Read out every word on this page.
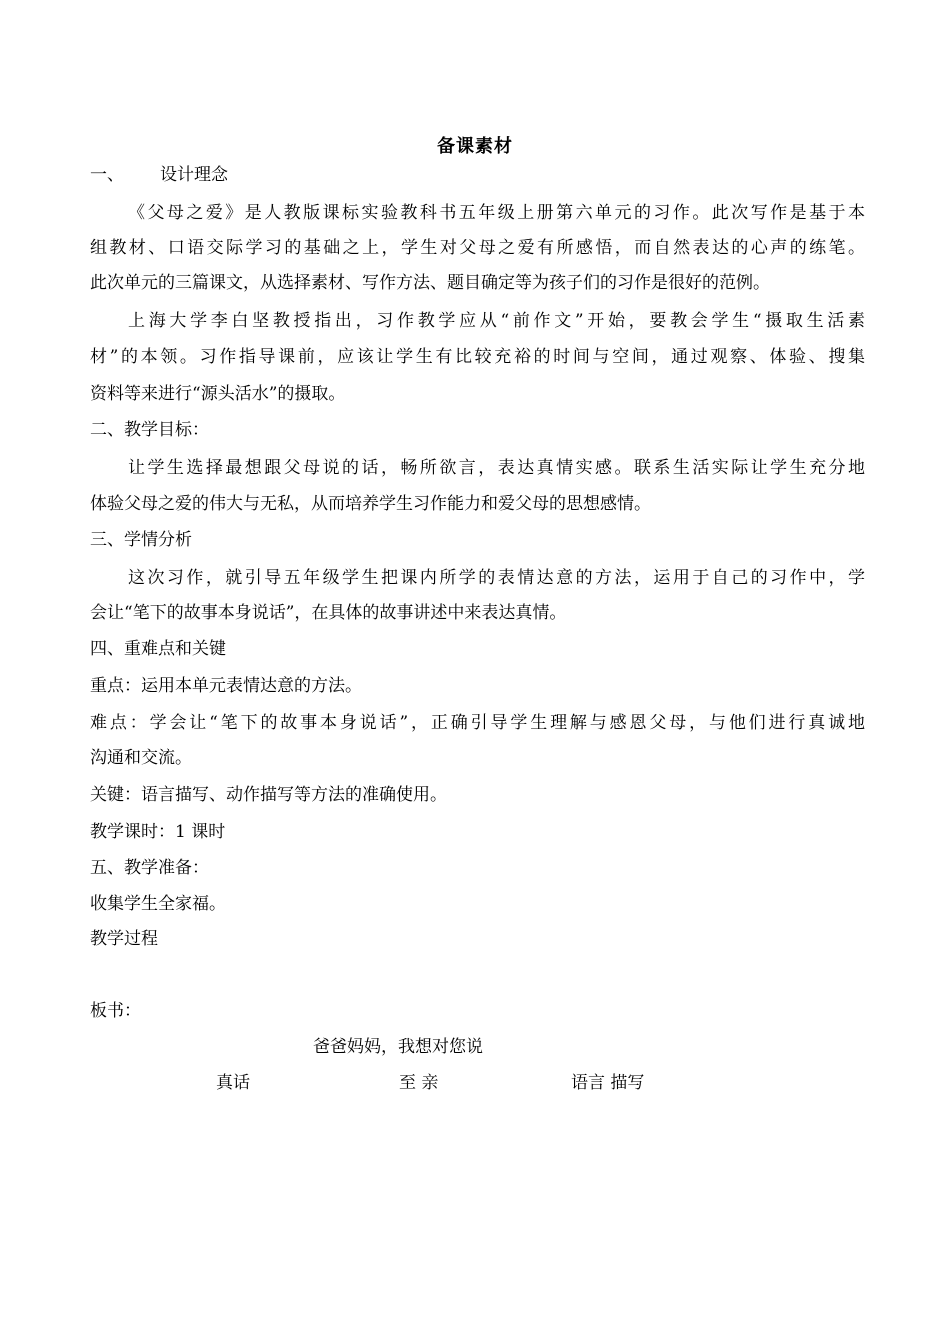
备课素材
一、 设计理念
《父母之爱》是人教版课标实验教科书五年级上册第六单元的习作。此次写作是基于本
组教材、口语交际学习的基础之上，学生对父母之爱有所感悟，而自然表达的心声的练笔。
此次单元的三篇课文，从选择素材、写作方法、题目确定等为孩子们的习作是很好的范例。
上海大学李白坚教授指出，习作教学应从“前作文”开始，要教会学生“摄取生活素
材”的本领。习作指导课前，应该让学生有比较充裕的时间与空间，通过观察、体验、搜集
资料等来进行“源头活水”的摄取。
二、教学目标：
让学生选择最想跟父母说的话，畅所欲言，表达真情实感。联系生活实际让学生充分地
体验父母之爱的伟大与无私，从而培养学生习作能力和爱父母的思想感情。
三、学情分析
这次习作，就引导五年级学生把课内所学的表情达意的方法，运用于自己的习作中，学
会让“笔下的故事本身说话”，在具体的故事讲述中来表达真情。
四、重难点和关键
重点：运用本单元表情达意的方法。
难点：学会让“笔下的故事本身说话”，正确引导学生理解与感恩父母，与他们进行真诚地
沟通和交流。
关键：语言描写、动作描写等方法的准确使用。
教学课时：1 课时
五、教学准备：
收集学生全家福。
教学过程
板书：
爸爸妈妈，我想对您说
真话	至 亲	语言 描写
